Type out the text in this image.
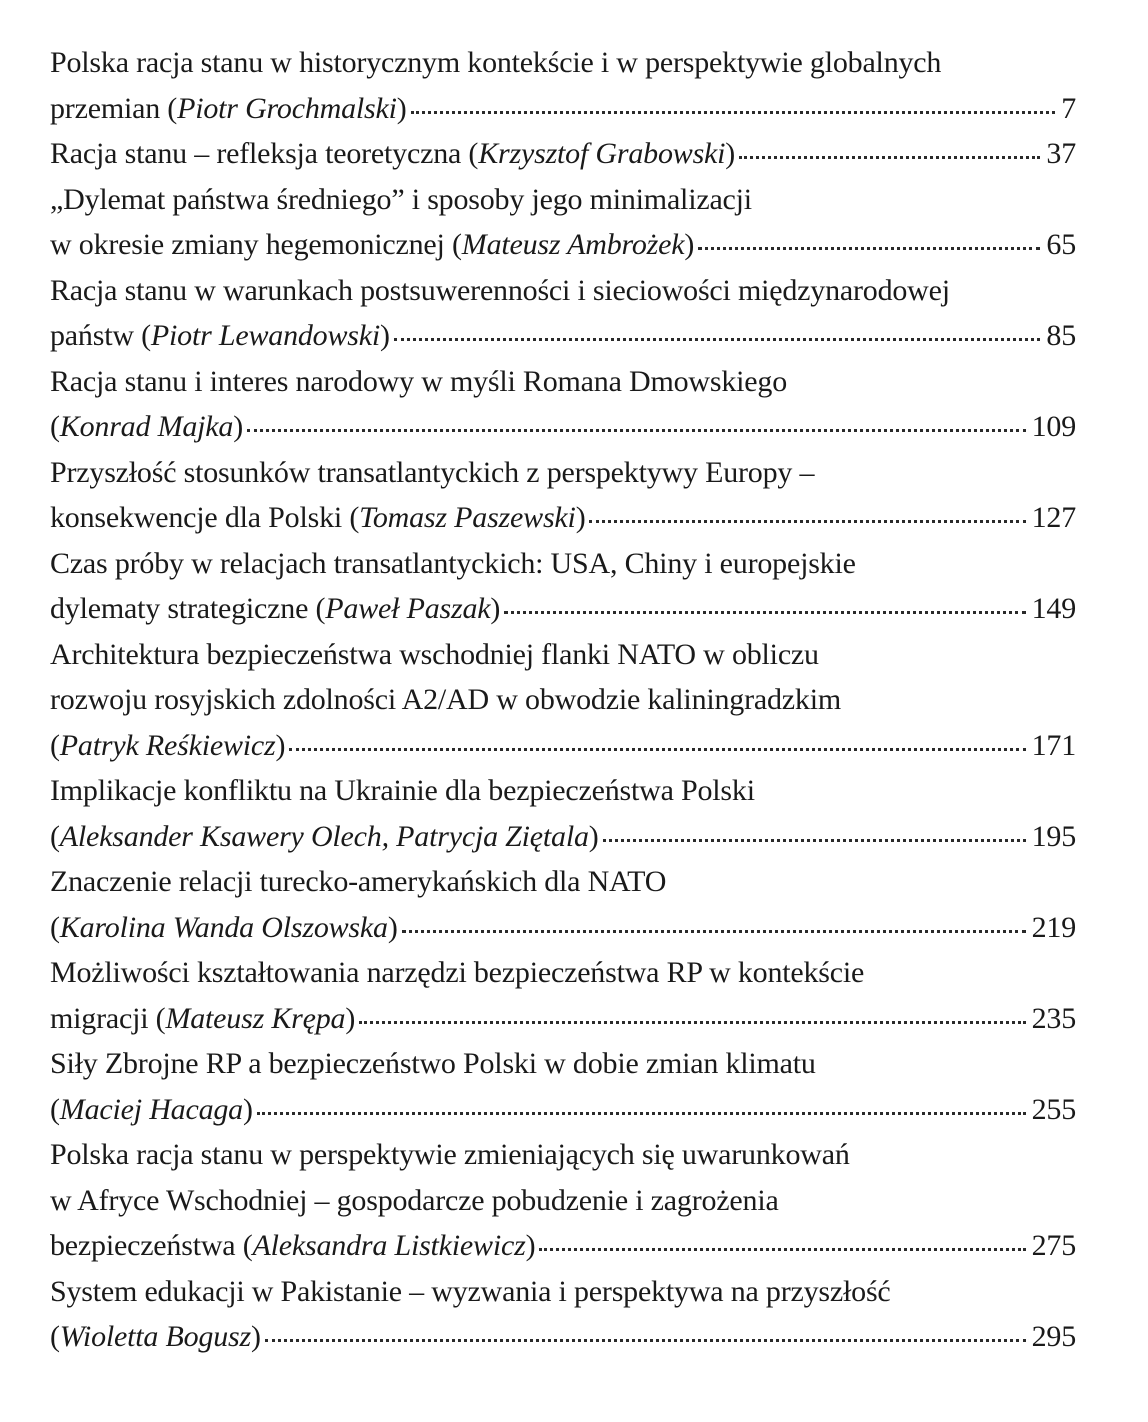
Polska racja stanu w historycznym kontekście i w perspektywie globalnych
przemian (Piotr Grochmalski)	7
Racja stanu – refleksja teoretyczna (Krzysztof Grabowski)	37
„Dylemat państwa średniego” i sposoby jego minimalizacji
w okresie zmiany hegemonicznej (Mateusz Ambrożek)	65
Racja stanu w warunkach postsuwerenności i sieciowości międzynarodowej
państw (Piotr Lewandowski)	85
Racja stanu i interes narodowy w myśli Romana Dmowskiego
(Konrad Majka)	109
Przyszłość stosunków transatlantyckich z perspektywy Europy –
konsekwencje dla Polski (Tomasz Paszewski)	127
Czas próby w relacjach transatlantyckich: USA, Chiny i europejskie
dylematy strategiczne (Paweł Paszak)	149
Architektura bezpieczeństwa wschodniej flanki NATO w obliczu
rozwoju rosyjskich zdolności A2/AD w obwodzie kaliningradzkim
(Patryk Reśkiewicz)	171
Implikacje konfliktu na Ukrainie dla bezpieczeństwa Polski
(Aleksander Ksawery Olech, Patrycja Ziętala)	195
Znaczenie relacji turecko-amerykańskich dla NATO
(Karolina Wanda Olszowska)	219
Możliwości kształtowania narzędzi bezpieczeństwa RP w kontekście
migracji (Mateusz Krępa)	235
Siły Zbrojne RP a bezpieczeństwo Polski w dobie zmian klimatu
(Maciej Hacaga)	255
Polska racja stanu w perspektywie zmieniających się uwarunkowań
w Afryce Wschodniej – gospodarcze pobudzenie i zagrożenia
bezpieczeństwa (Aleksandra Listkiewicz)	275
System edukacji w Pakistanie – wyzwania i perspektywa na przyszłość
(Wioletta Bogusz)	295
